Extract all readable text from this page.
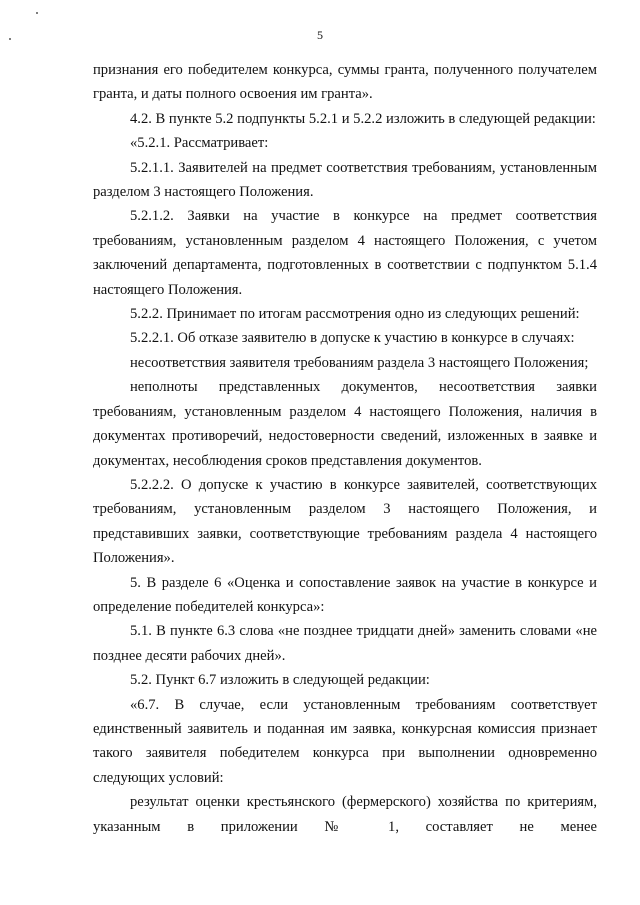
5

признания его победителем конкурса, суммы гранта, полученного получателем гранта, и даты полного освоения им гранта».

4.2. В пункте 5.2 подпункты 5.2.1 и 5.2.2 изложить в следующей редакции:

«5.2.1. Рассматривает:

5.2.1.1. Заявителей на предмет соответствия требованиям, установленным разделом 3 настоящего Положения.

5.2.1.2. Заявки на участие в конкурсе на предмет соответствия требованиям, установленным разделом 4 настоящего Положения, с учетом заключений департамента, подготовленных в соответствии с подпунктом 5.1.4 настоящего Положения.

5.2.2. Принимает по итогам рассмотрения одно из следующих решений:

5.2.2.1. Об отказе заявителю в допуске к участию в конкурсе в случаях:

несоответствия заявителя требованиям раздела 3 настоящего Положения;

неполноты представленных документов, несоответствия заявки требованиям, установленным разделом 4 настоящего Положения, наличия в документах противоречий, недостоверности сведений, изложенных в заявке и документах, несоблюдения сроков представления документов.

5.2.2.2. О допуске к участию в конкурсе заявителей, соответствующих требованиям, установленным разделом 3 настоящего Положения, и представивших заявки, соответствующие требованиям раздела 4 настоящего Положения».

5. В разделе 6 «Оценка и сопоставление заявок на участие в конкурсе и определение победителей конкурса»:

5.1. В пункте 6.3 слова «не позднее тридцати дней» заменить словами «не позднее десяти рабочих дней».

5.2. Пункт 6.7 изложить в следующей редакции:

«6.7. В случае, если установленным требованиям соответствует единственный заявитель и поданная им заявка, конкурсная комиссия признает такого заявителя победителем конкурса при выполнении одновременно следующих условий:

результат оценки крестьянского (фермерского) хозяйства по критериям, указанным в приложении № 1, составляет не менее
